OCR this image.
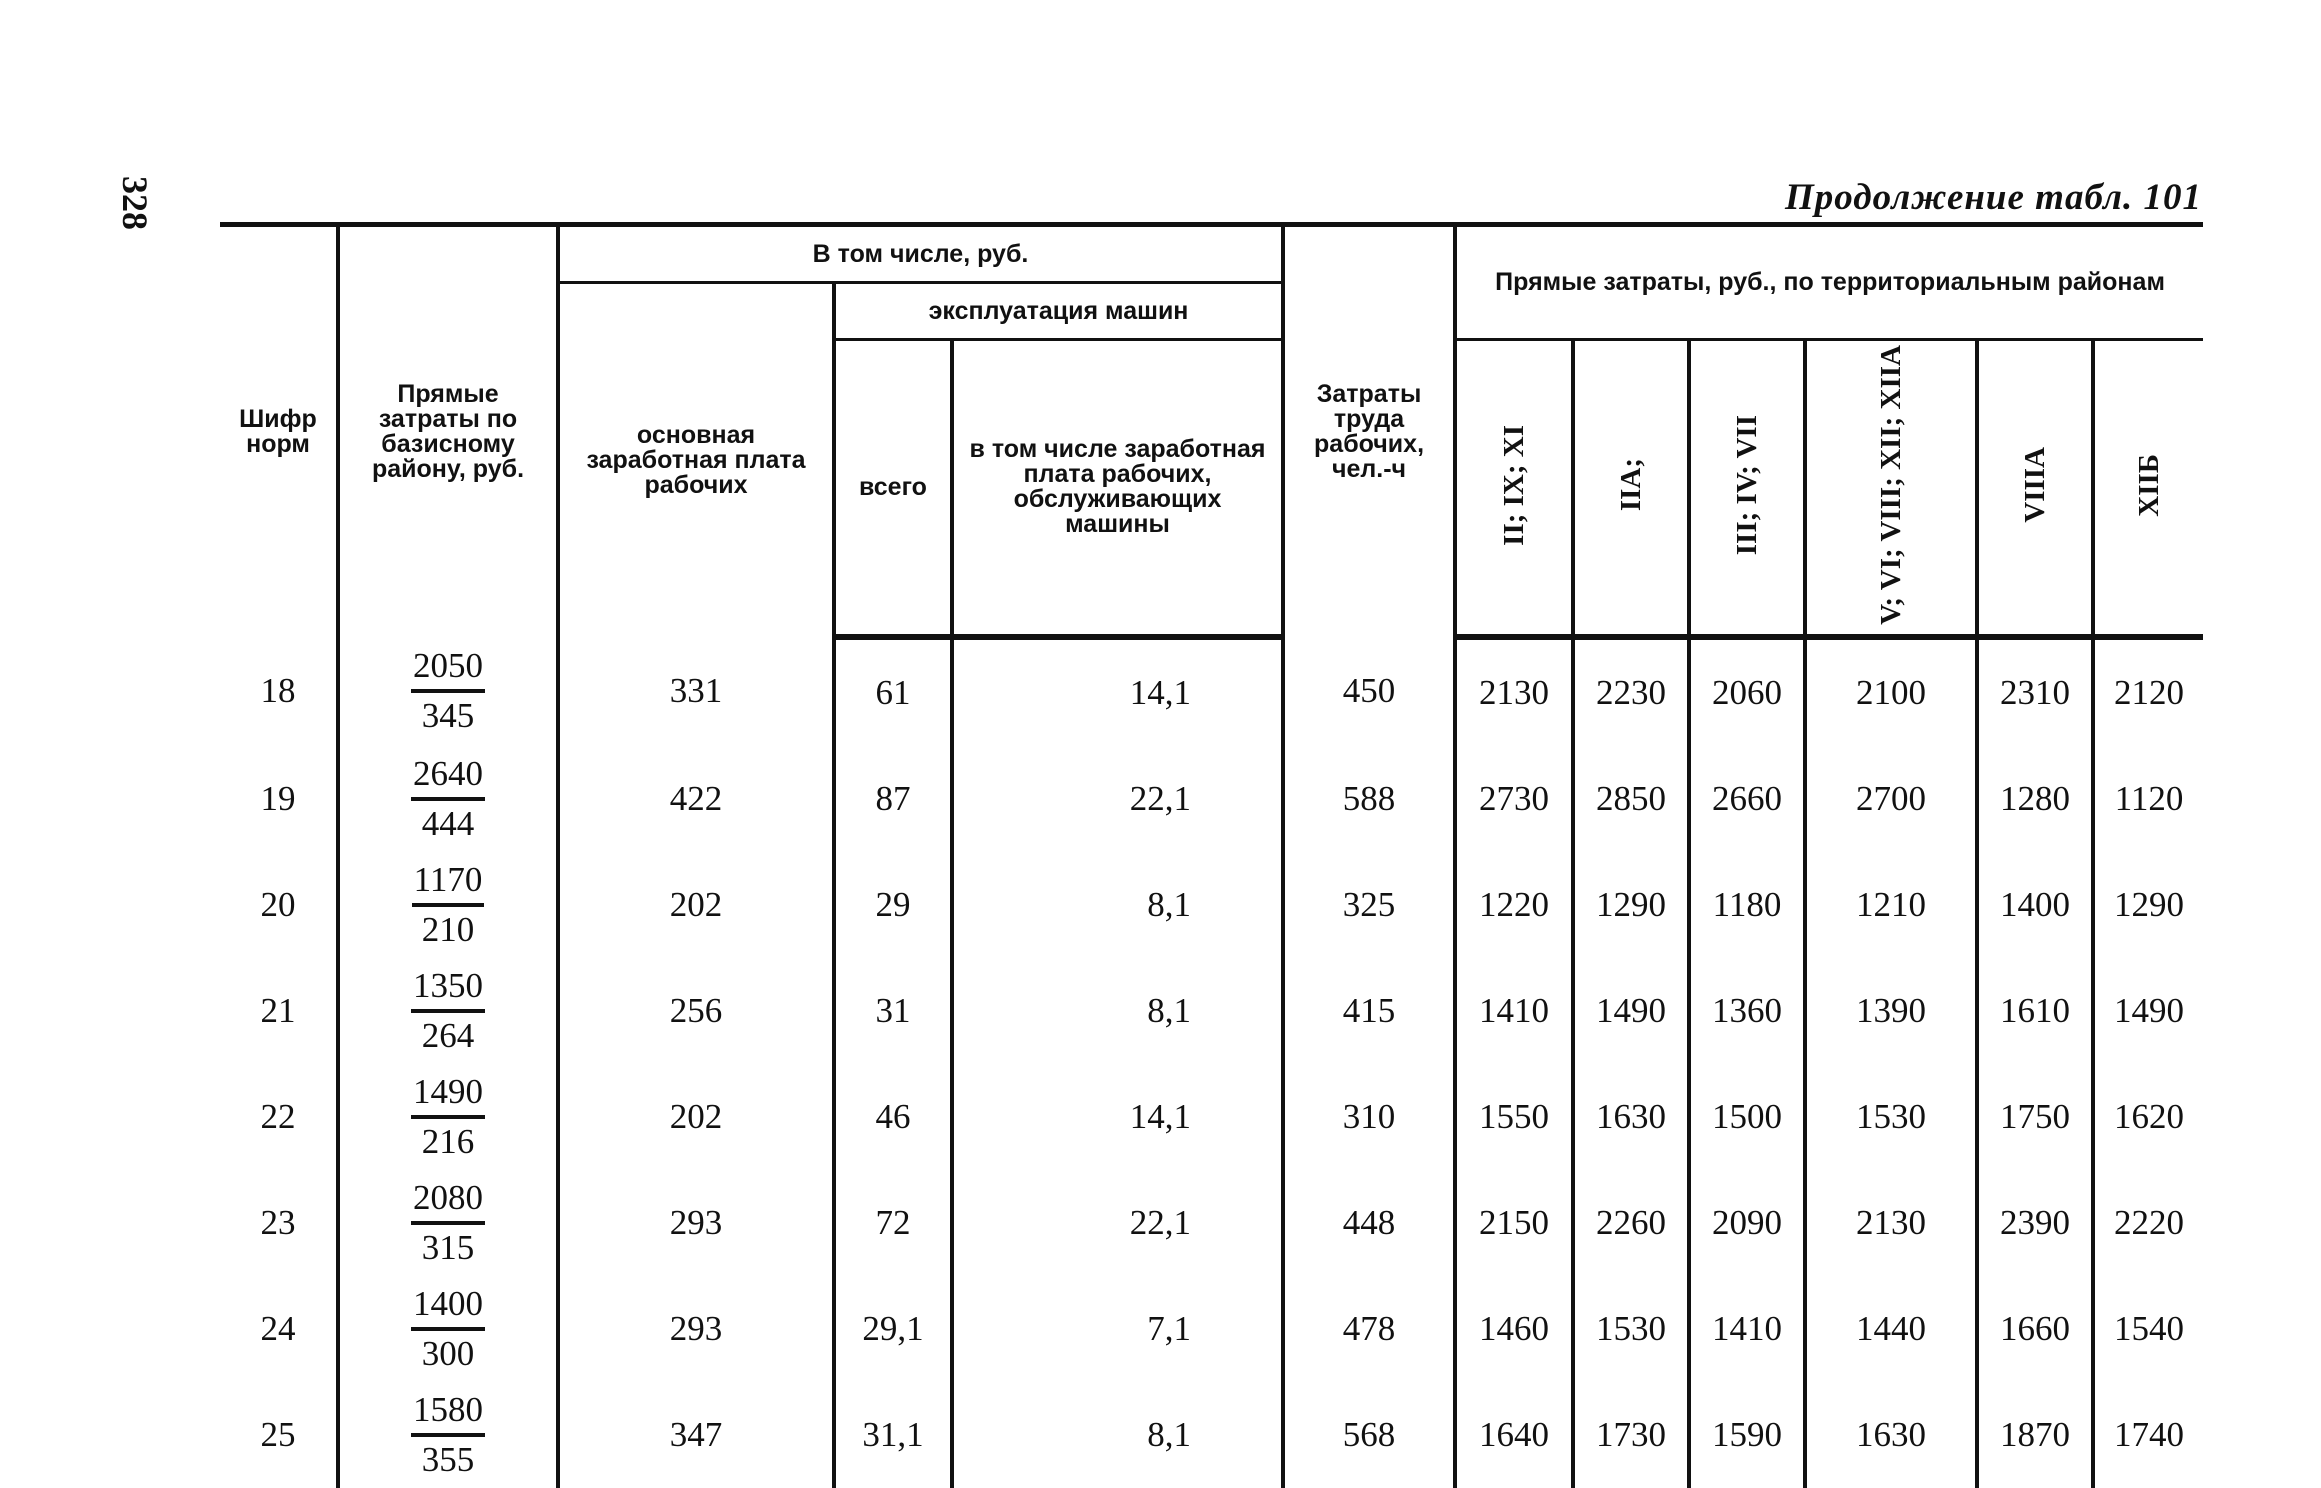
328	Продолжение табл. 101
Шифр норм	Прямые затраты по базисному району, руб.	В том числе, руб.			Затраты труда рабочих, чел.-ч	Прямые затраты, руб., по территориальным районам					
		основная заработная плата рабочих	эксплуатация машин								
			всего	в том числе заработная плата рабочих, обслуживающих машины		II; IX; XI	IIA;	III; IV; VII	V; VI; VIII; XII; XIIA	VIIIA	XIIБ
18	$\frac{2050}{345}$	331	61	14,1	450	2130	2230	2060	2100	2310	2120
19	$\frac{2640}{444}$	422	87	22,1	588	2730	2850	2660	2700	1280	1120
20	$\frac{1170}{210}$	202	29	8,1	325	1220	1290	1180	1210	1400	1290
21	$\frac{1350}{264}$	256	31	8,1	415	1410	1490	1360	1390	1610	1490
22	$\frac{1490}{216}$	202	46	14,1	310	1550	1630	1500	1530	1750	1620
23	$\frac{2080}{315}$	293	72	22,1	448	2150	2260	2090	2130	2390	2220
24	$\frac{1400}{300}$	293	29,1	7,1	478	1460	1530	1410	1440	1660	1540
25	$\frac{1580}{355}$	347	31,1	8,1	568	1640	1730	1590	1630	1870	1740
